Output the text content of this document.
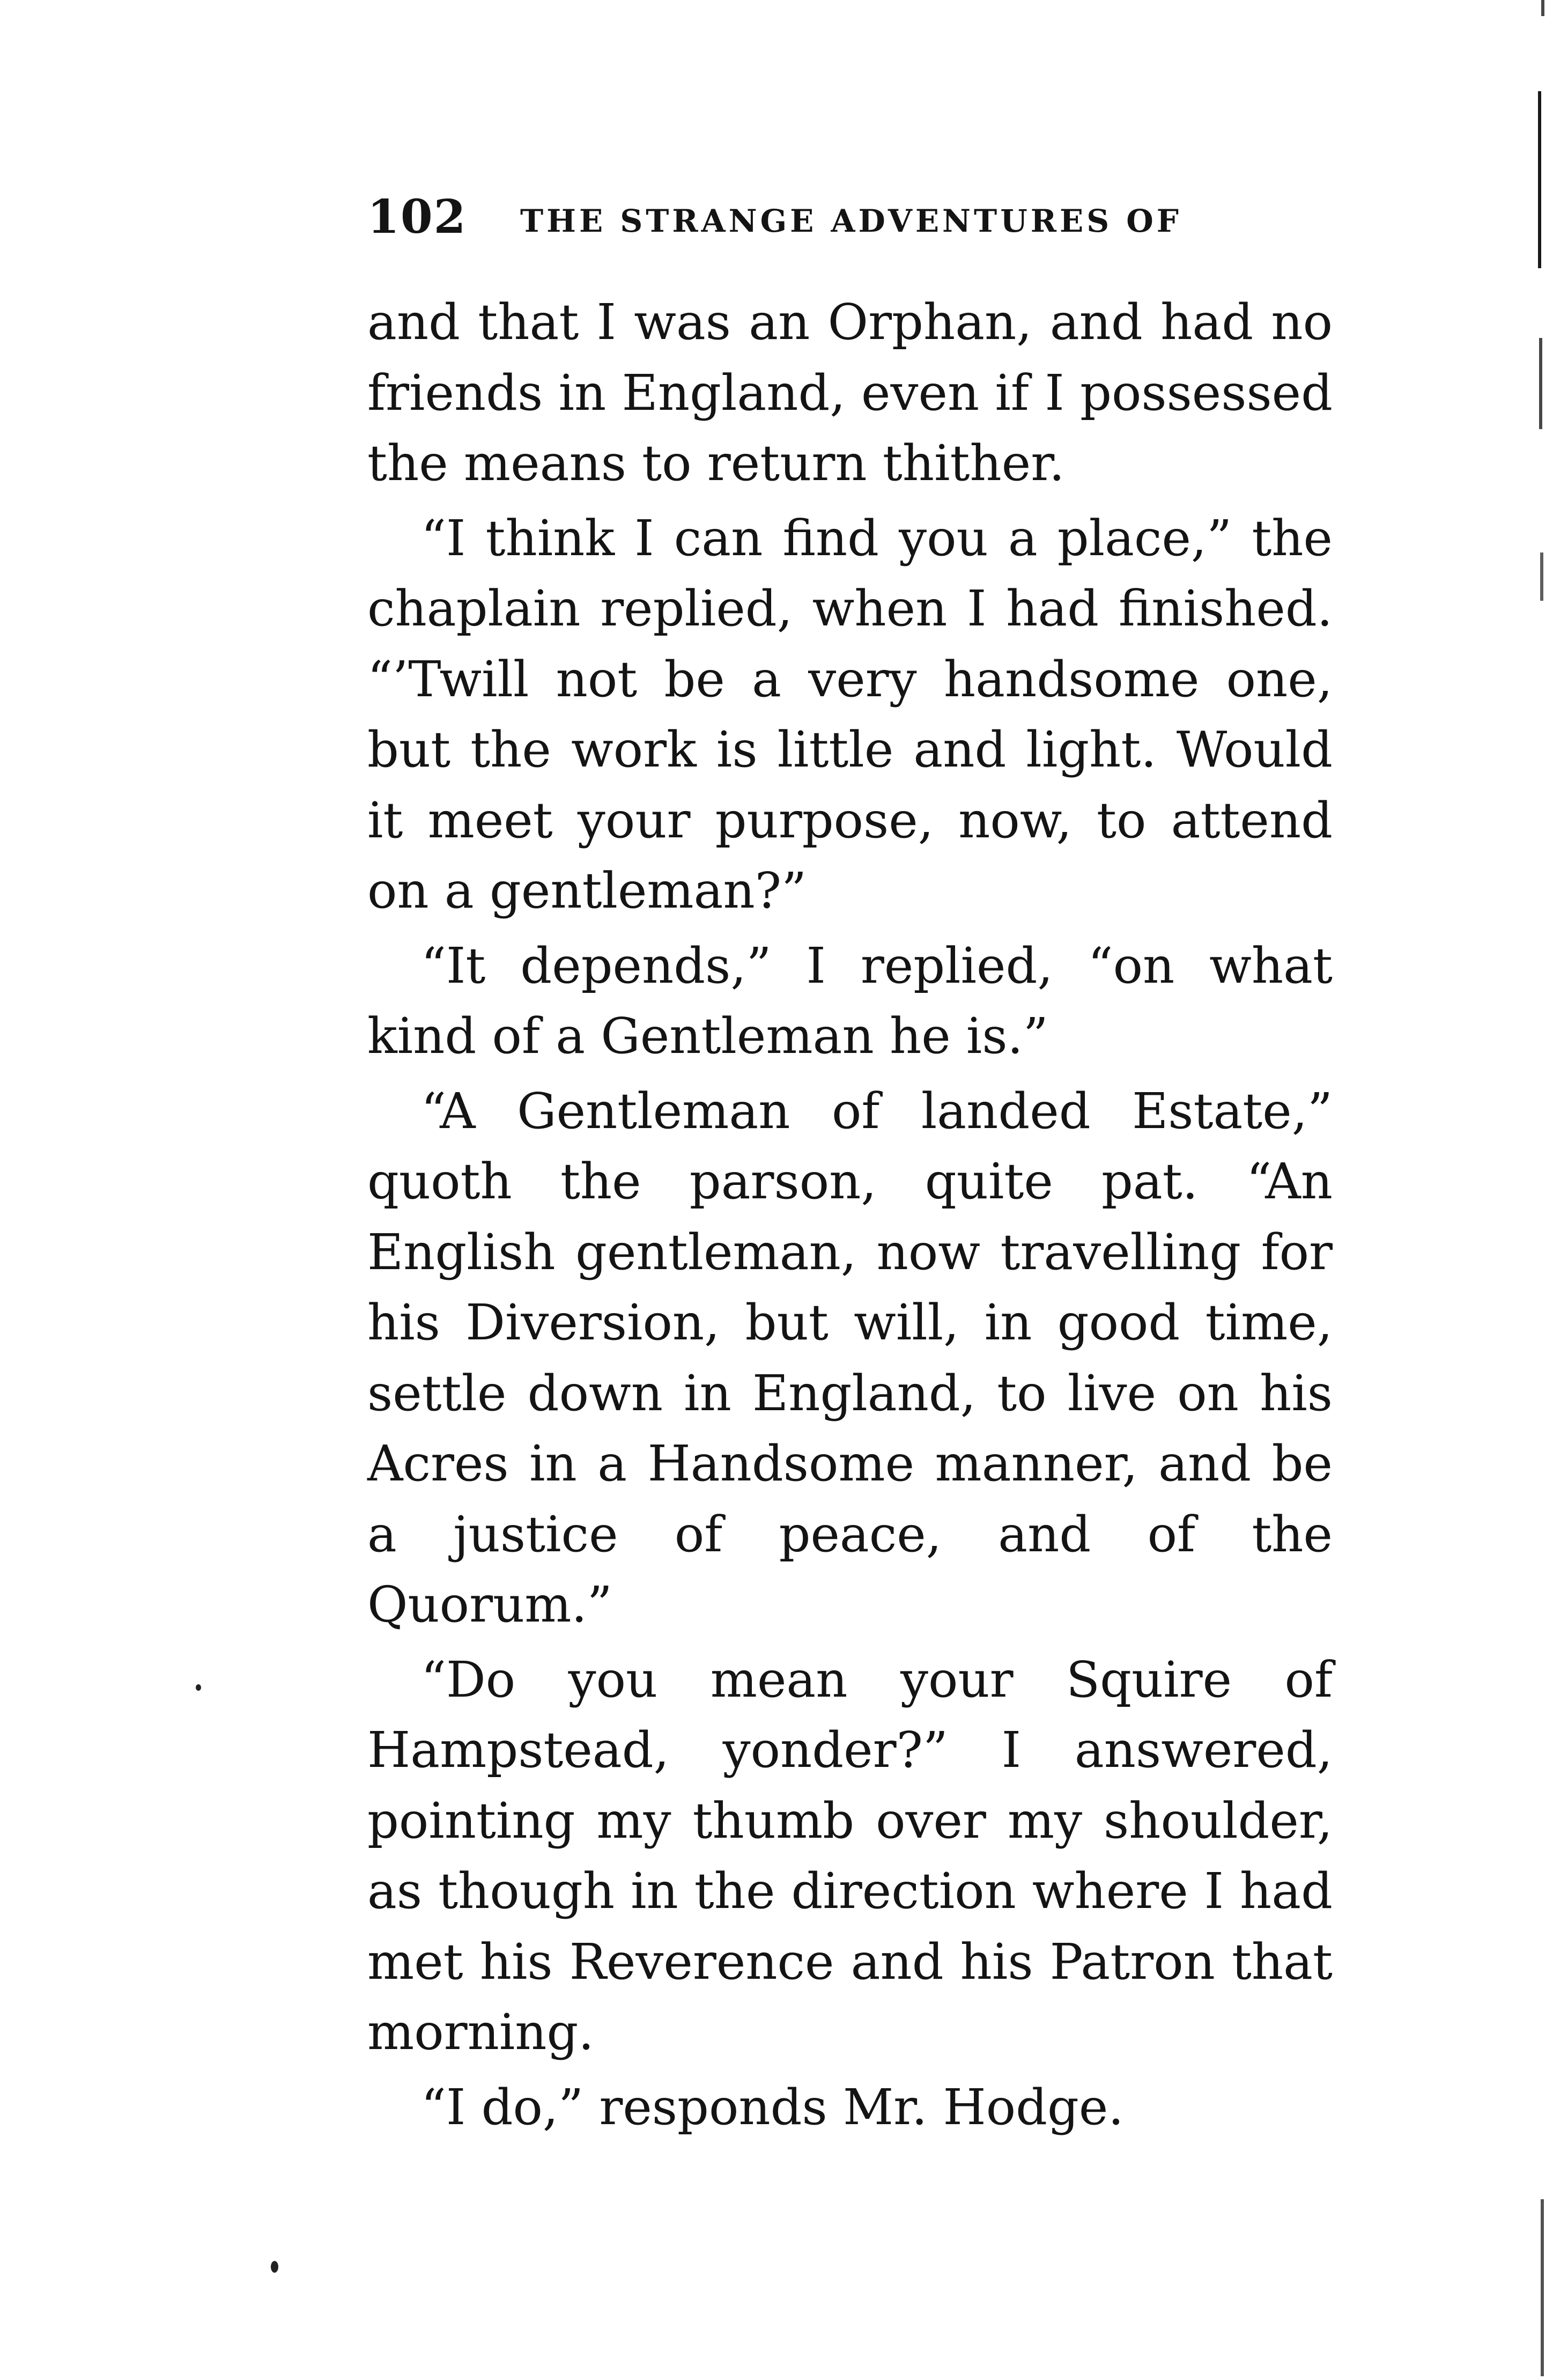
102 THE STRANGE ADVENTURES OF

and that I was an Orphan, and had no friends in England, even if I possessed the means to return thither.

“I think I can find you a place,” the chaplain replied, when I had finished. “’Twill not be a very handsome one, but the work is little and light. Would it meet your purpose, now, to attend on a gentleman?”

“It depends,” I replied, “on what kind of a Gentleman he is.”

“A Gentleman of landed Estate,” quoth the parson, quite pat. “An English gentleman, now travelling for his Diversion, but will, in good time, settle down in England, to live on his Acres in a Handsome manner, and be a justice of peace, and of the Quorum.”

“Do you mean your Squire of Hampstead, yonder?” I answered, pointing my thumb over my shoulder, as though in the direction where I had met his Reverence and his Patron that morning.

“I do,” responds Mr. Hodge.
